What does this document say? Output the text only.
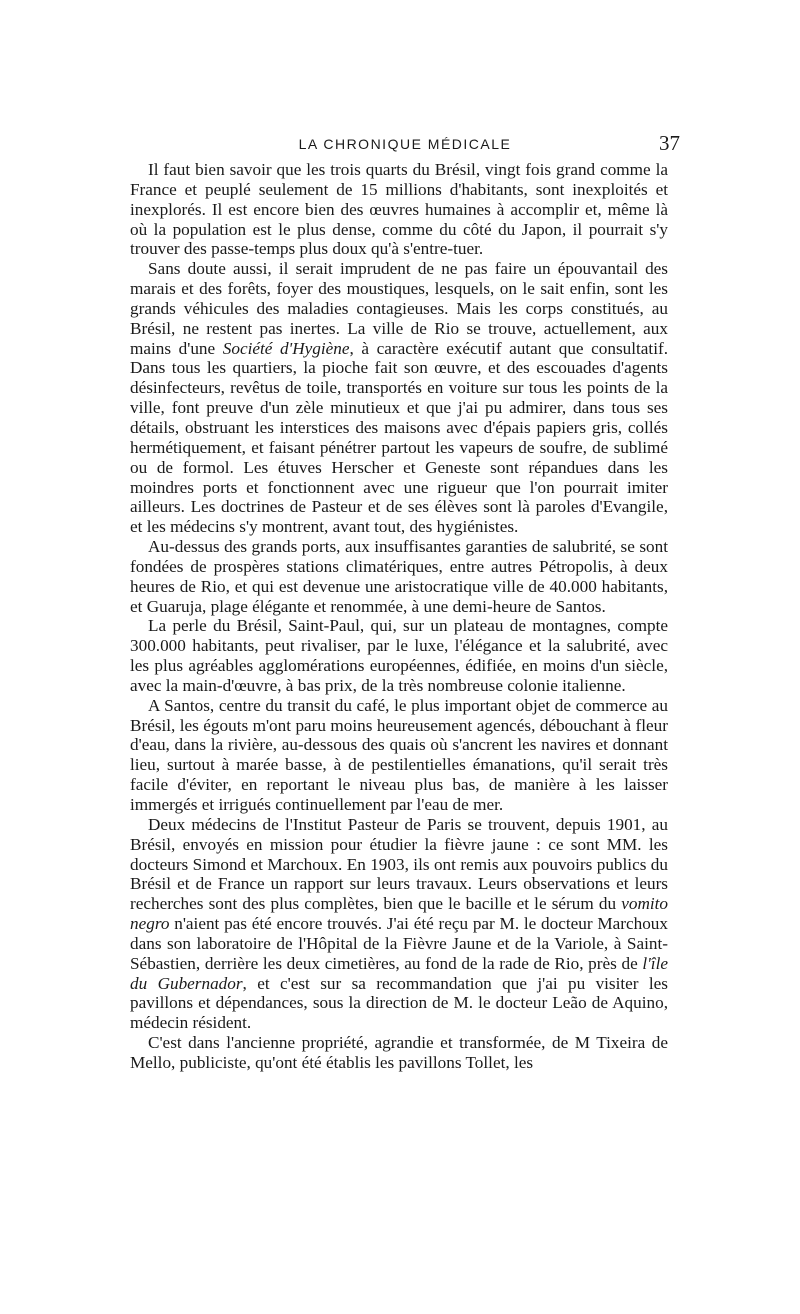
LA CHRONIQUE MÉDICALE	37

Il faut bien savoir que les trois quarts du Brésil, vingt fois grand comme la France et peuplé seulement de 15 millions d'habitants, sont inexploités et inexplorés. Il est encore bien des œuvres humaines à accomplir et, même là où la population est le plus dense, comme du côté du Japon, il pourrait s'y trouver des passe-temps plus doux qu'à s'entre-tuer.

Sans doute aussi, il serait imprudent de ne pas faire un épouvantail des marais et des forêts, foyer des moustiques, lesquels, on le sait enfin, sont les grands véhicules des maladies contagieuses. Mais les corps constitués, au Brésil, ne restent pas inertes. La ville de Rio se trouve, actuellement, aux mains d'une Société d'Hygiène, à caractère exécutif autant que consultatif. Dans tous les quartiers, la pioche fait son œuvre, et des escouades d'agents désinfecteurs, revêtus de toile, transportés en voiture sur tous les points de la ville, font preuve d'un zèle minutieux et que j'ai pu admirer, dans tous ses détails, obstruant les interstices des maisons avec d'épais papiers gris, collés hermétiquement, et faisant pénétrer partout les vapeurs de soufre, de sublimé ou de formol. Les étuves Herscher et Geneste sont répandues dans les moindres ports et fonctionnent avec une rigueur que l'on pourrait imiter ailleurs. Les doctrines de Pasteur et de ses élèves sont là paroles d'Evangile, et les médecins s'y montrent, avant tout, des hygiénistes.

Au-dessus des grands ports, aux insuffisantes garanties de salubrité, se sont fondées de prospères stations climatériques, entre autres Pétropolis, à deux heures de Rio, et qui est devenue une aristocratique ville de 40.000 habitants, et Guaruja, plage élégante et renommée, à une demi-heure de Santos.

La perle du Brésil, Saint-Paul, qui, sur un plateau de montagnes, compte 300.000 habitants, peut rivaliser, par le luxe, l'élégance et la salubrité, avec les plus agréables agglomérations européennes, édifiée, en moins d'un siècle, avec la main-d'œuvre, à bas prix, de la très nombreuse colonie italienne.

A Santos, centre du transit du café, le plus important objet de commerce au Brésil, les égouts m'ont paru moins heureusement agencés, débouchant à fleur d'eau, dans la rivière, au-dessous des quais où s'ancrent les navires et donnant lieu, surtout à marée basse, à de pestilentielles émanations, qu'il serait très facile d'éviter, en reportant le niveau plus bas, de manière à les laisser immergés et irrigués continuellement par l'eau de mer.

Deux médecins de l'Institut Pasteur de Paris se trouvent, depuis 1901, au Brésil, envoyés en mission pour étudier la fièvre jaune : ce sont MM. les docteurs Simond et Marchoux. En 1903, ils ont remis aux pouvoirs publics du Brésil et de France un rapport sur leurs travaux. Leurs observations et leurs recherches sont des plus complètes, bien que le bacille et le sérum du vomito negro n'aient pas été encore trouvés. J'ai été reçu par M. le docteur Marchoux dans son laboratoire de l'Hôpital de la Fièvre Jaune et de la Variole, à Saint-Sébastien, derrière les deux cimetières, au fond de la rade de Rio, près de l'île du Gubernador, et c'est sur sa recommandation que j'ai pu visiter les pavillons et dépendances, sous la direction de M. le docteur Leão de Aquino, médecin résident.

C'est dans l'ancienne propriété, agrandie et transformée, de M Tixeira de Mello, publiciste, qu'ont été établis les pavillons Tollet, les
